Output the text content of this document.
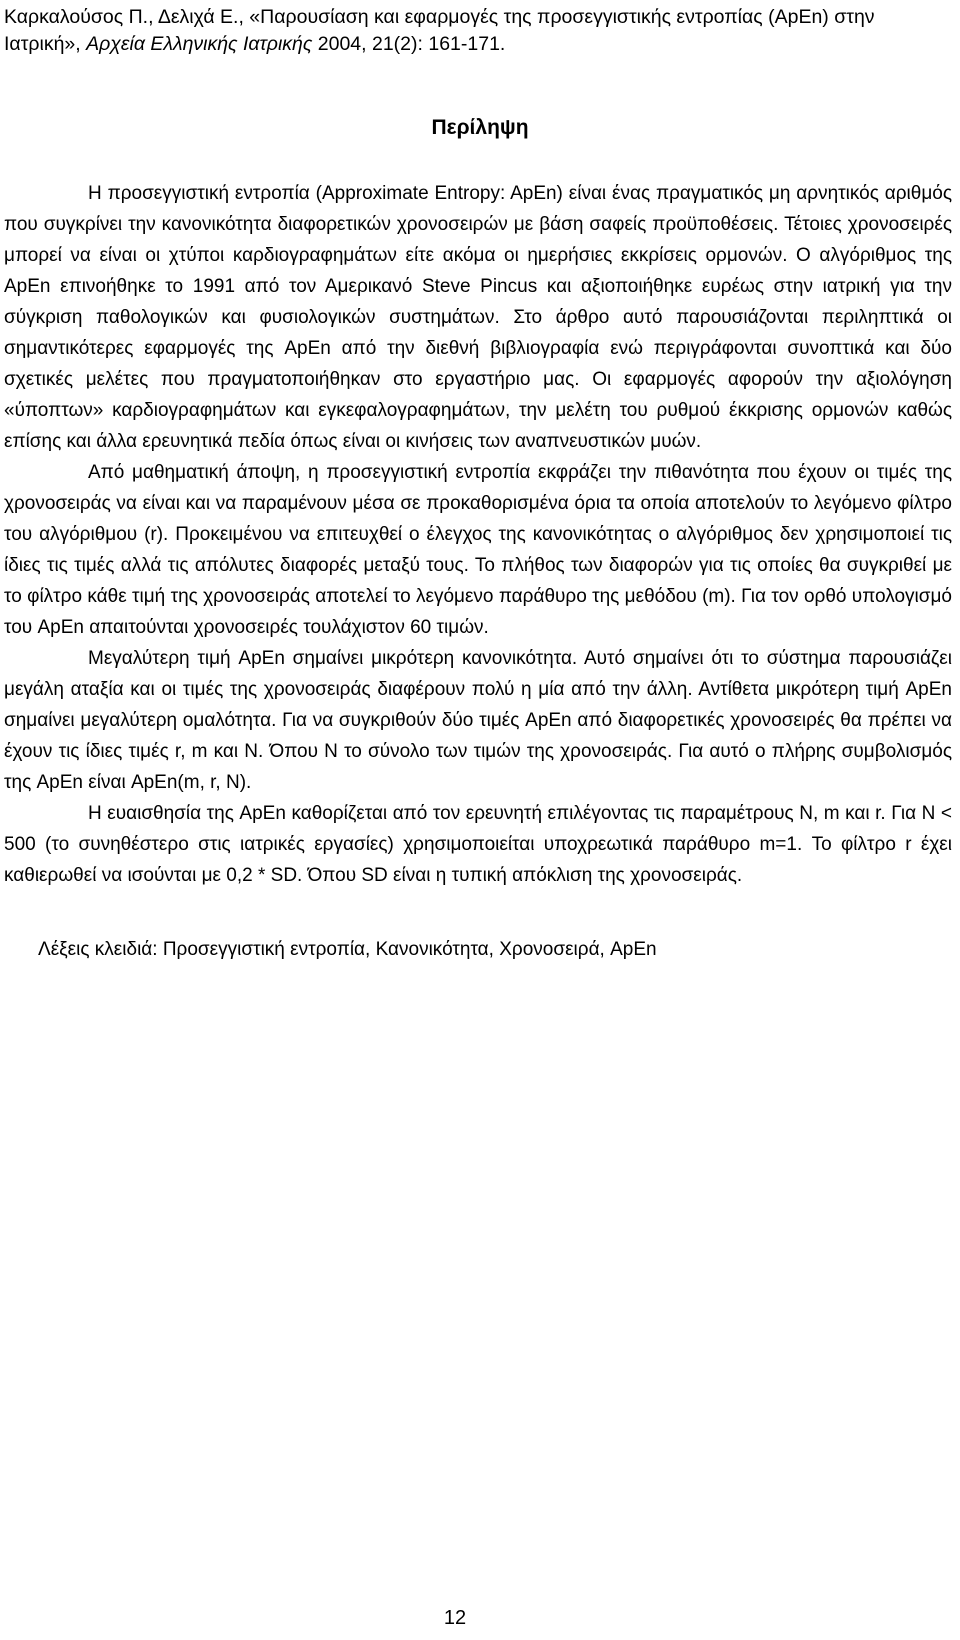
Καρκαλούσος Π., Δελιχά Ε., «Παρουσίαση και εφαρμογές της προσεγγιστικής εντροπίας (ApEn) στην
Ιατρική», Αρχεία Ελληνικής Ιατρικής 2004, 21(2): 161-171.
Περίληψη

Η προσεγγιστική εντροπία (Approximate Entropy: ApEn) είναι ένας πραγματικός μη αρνητικός αριθμός που συγκρίνει την κανονικότητα διαφορετικών χρονοσειρών με βάση σαφείς προϋποθέσεις. Τέτοιες χρονοσειρές μπορεί να είναι οι χτύποι καρδιογραφημάτων είτε ακόμα οι ημερήσιες εκκρίσεις ορμονών. Ο αλγόριθμος της ApEn επινοήθηκε το 1991 από τον Αμερικανό Steve Pincus και αξιοποιήθηκε ευρέως στην ιατρική για την σύγκριση παθολογικών και φυσιολογικών συστημάτων. Στο άρθρο αυτό παρουσιάζονται περιληπτικά οι σημαντικότερες εφαρμογές της ApEn από την διεθνή βιβλιογραφία ενώ περιγράφονται συνοπτικά και δύο σχετικές μελέτες που πραγματοποιήθηκαν στο εργαστήριο μας. Οι εφαρμογές αφορούν την αξιολόγηση «ύποπτων» καρδιογραφημάτων και εγκεφαλογραφημάτων, την μελέτη του ρυθμού έκκρισης ορμονών καθώς επίσης και άλλα ερευνητικά πεδία όπως είναι οι κινήσεις των αναπνευστικών μυών.

Από μαθηματική άποψη, η προσεγγιστική εντροπία εκφράζει την πιθανότητα που έχουν οι τιμές της χρονοσειράς να είναι και να παραμένουν μέσα σε προκαθορισμένα όρια τα οποία αποτελούν το λεγόμενο φίλτρο του αλγόριθμου (r). Προκειμένου να επιτευχθεί ο έλεγχος της κανονικότητας ο αλγόριθμος δεν χρησιμοποιεί τις ίδιες τις τιμές αλλά τις απόλυτες διαφορές μεταξύ τους. Το πλήθος των διαφορών για τις οποίες θα συγκριθεί με το φίλτρο κάθε τιμή της χρονοσειράς αποτελεί το λεγόμενο παράθυρο της μεθόδου (m). Για τον ορθό υπολογισμό του ApEn απαιτούνται χρονοσειρές τουλάχιστον 60 τιμών.

Μεγαλύτερη τιμή ApEn σημαίνει μικρότερη κανονικότητα. Αυτό σημαίνει ότι το σύστημα παρουσιάζει μεγάλη αταξία και οι τιμές της χρονοσειράς διαφέρουν πολύ η μία από την άλλη. Αντίθετα μικρότερη τιμή ApEn σημαίνει μεγαλύτερη ομαλότητα. Για να συγκριθούν δύο τιμές ApEn από διαφορετικές χρονοσειρές θα πρέπει να έχουν τις ίδιες τιμές r, m και N. Όπου N το σύνολο των τιμών της χρονοσειράς. Για αυτό ο πλήρης συμβολισμός της ApEn είναι ApEn(m, r, N).

Η ευαισθησία της ApEn καθορίζεται από τον ερευνητή επιλέγοντας τις παραμέτρους N, m και r. Για N < 500 (το συνηθέστερο στις ιατρικές εργασίες) χρησιμοποιείται υποχρεωτικά παράθυρο m=1. Το φίλτρο r έχει καθιερωθεί να ισούνται με 0,2 * SD. Όπου SD είναι η τυπική απόκλιση της χρονοσειράς.

Λέξεις κλειδιά: Προσεγγιστική εντροπία, Κανονικότητα, Χρονοσειρά, ApEn
12
